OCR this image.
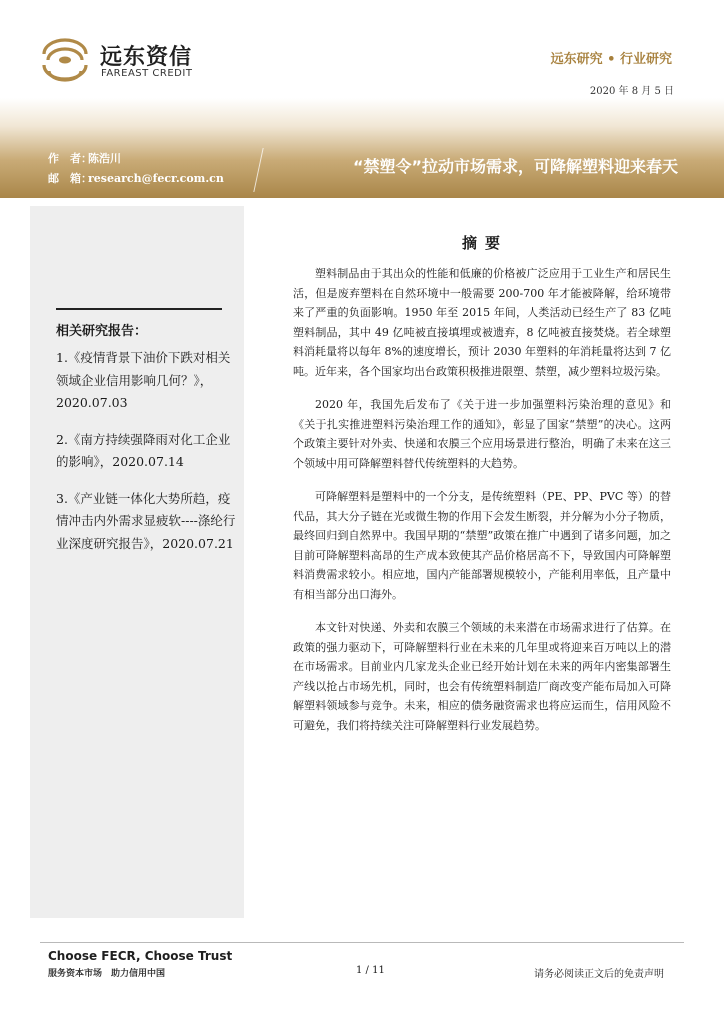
远东资信
FAREAST CREDIT
远东研究 • 行业研究
2020 年 8 月 5 日
作　者：陈浩川
邮　箱：research@fecr.com.cn
“禁塑令”拉动市场需求，可降解塑料迎来春天
相关研究报告：
1.《疫情背景下油价下跌对相关领域企业信用影响几何？》，2020.07.03
2.《南方持续强降雨对化工企业的影响》，2020.07.14
3.《产业链一体化大势所趋，疫情冲击内外需求显疲软----涤纶行业深度研究报告》，2020.07.21
摘要

塑料制品由于其出众的性能和低廉的价格被广泛应用于工业生产和居民生活，但是废弃塑料在自然环境中一般需要 200-700 年才能被降解，给环境带来了严重的负面影响。1950 年至 2015 年间，人类活动已经生产了 83 亿吨塑料制品，其中 49 亿吨被直接填埋或被遗弃，8 亿吨被直接焚烧。若全球塑料消耗量将以每年 8%的速度增长，预计 2030 年塑料的年消耗量将达到 7 亿吨。近年来，各个国家均出台政策积极推进限塑、禁塑，减少塑料垃圾污染。

2020 年，我国先后发布了《关于进一步加强塑料污染治理的意见》和《关于扎实推进塑料污染治理工作的通知》，彰显了国家“禁塑”的决心。这两个政策主要针对外卖、快递和农膜三个应用场景进行整治，明确了未来在这三个领域中用可降解塑料替代传统塑料的大趋势。

可降解塑料是塑料中的一个分支，是传统塑料（PE、PP、PVC 等）的替代品，其大分子链在光或微生物的作用下会发生断裂，并分解为小分子物质，最终回归到自然界中。我国早期的“禁塑”政策在推广中遇到了诸多问题，加之目前可降解塑料高昂的生产成本致使其产品价格居高不下，导致国内可降解塑料消费需求较小。相应地，国内产能部署规模较小，产能利用率低，且产量中有相当部分出口海外。

本文针对快递、外卖和农膜三个领域的未来潜在市场需求进行了估算。在政策的强力驱动下，可降解塑料行业在未来的几年里或将迎来百万吨以上的潜在市场需求。目前业内几家龙头企业已经开始计划在未来的两年内密集部署生产线以抢占市场先机，同时，也会有传统塑料制造厂商改变产能布局加入可降解塑料领域参与竞争。未来，相应的债务融资需求也将应运而生，信用风险不可避免，我们将持续关注可降解塑料行业发展趋势。

Choose FECR, Choose Trust
服务资本市场　助力信用中国	1 / 11	请务必阅读正文后的免责声明
